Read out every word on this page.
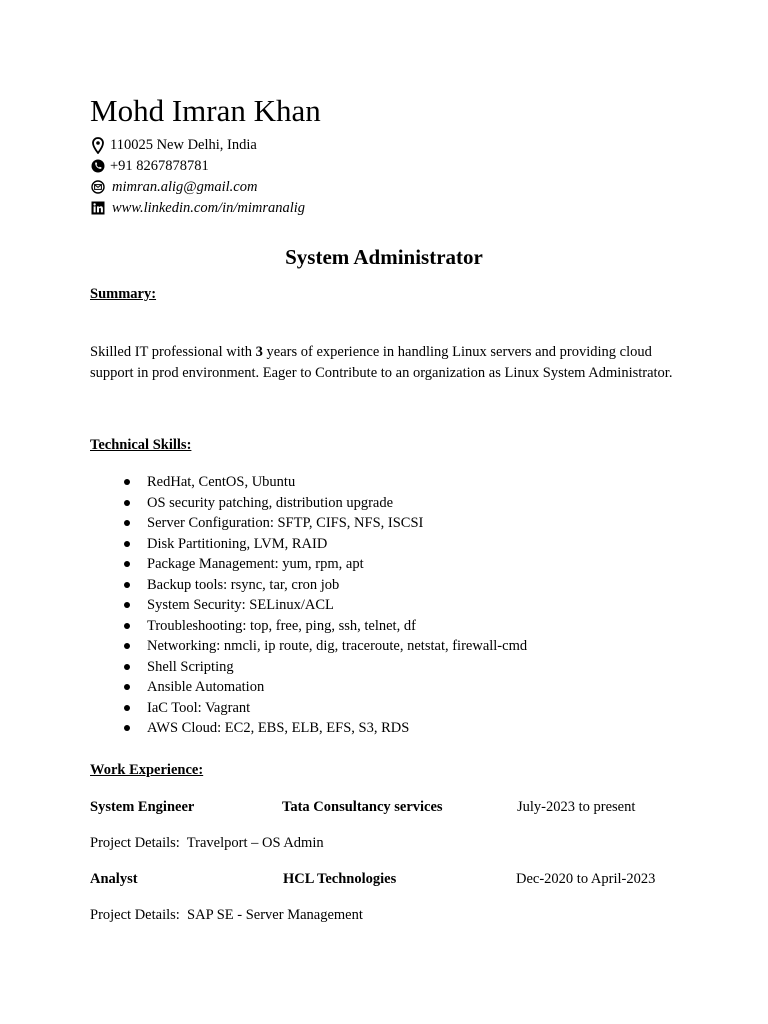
Mohd Imran Khan
110025 New Delhi, India
+91 8267878781
mimran.alig@gmail.com
www.linkedin.com/in/mimranalig
System Administrator
Summary:
Skilled IT professional with 3 years of experience in handling Linux servers and providing cloud support in prod environment. Eager to Contribute to an organization as Linux System Administrator.
Technical Skills:
RedHat, CentOS, Ubuntu
OS security patching, distribution upgrade
Server Configuration: SFTP, CIFS, NFS, ISCSI
Disk Partitioning, LVM, RAID
Package Management: yum, rpm, apt
Backup tools: rsync, tar, cron job
System Security: SELinux/ACL
Troubleshooting: top, free, ping, ssh, telnet, df
Networking: nmcli, ip route, dig, traceroute, netstat, firewall-cmd
Shell Scripting
Ansible Automation
IaC Tool: Vagrant
AWS Cloud: EC2, EBS, ELB, EFS, S3, RDS
Work Experience:
System Engineer	Tata Consultancy services	July-2023 to present
Project Details:  Travelport – OS Admin
Analyst	HCL Technologies	Dec-2020 to April-2023
Project Details:  SAP SE - Server Management
